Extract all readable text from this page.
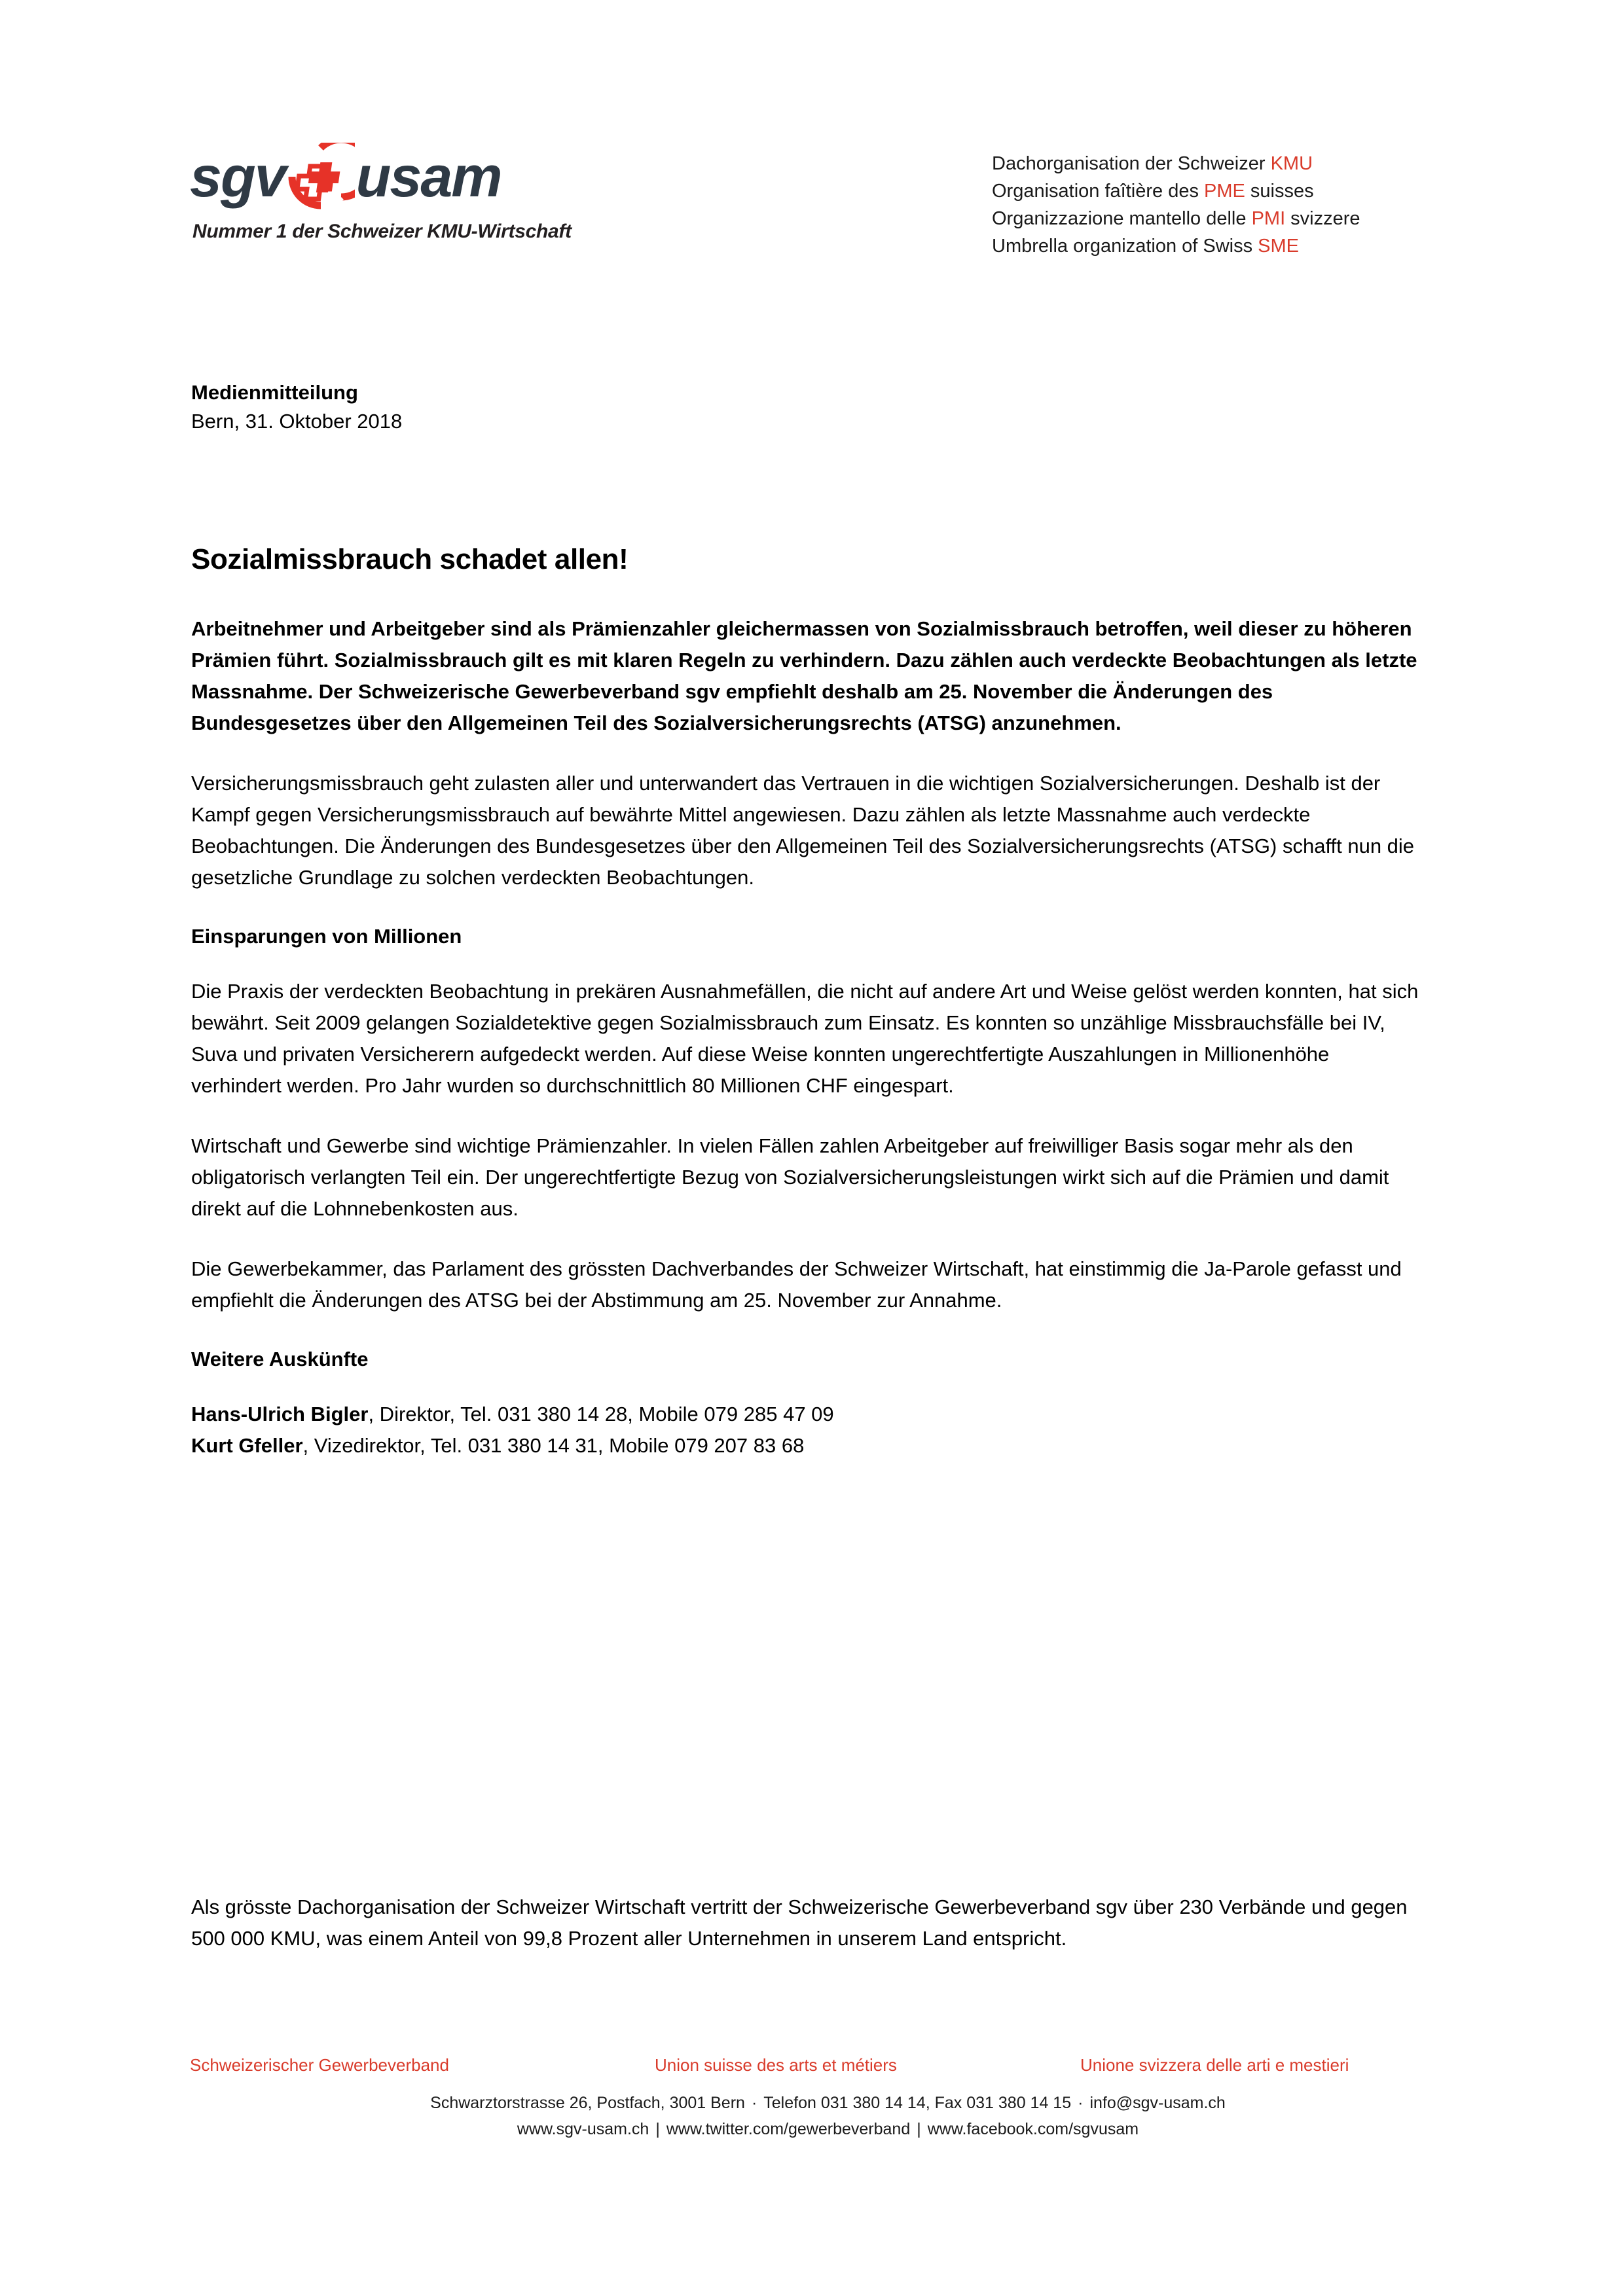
sgv usam
Nummer 1 der Schweizer KMU-Wirtschaft
Dachorganisation der Schweizer KMU
Organisation faîtière des PME suisses
Organizzazione mantello delle PMI svizzere
Umbrella organization of Swiss SME
Medienmitteilung
Bern, 31. Oktober 2018
Sozialmissbrauch schadet allen!

Arbeitnehmer und Arbeitgeber sind als Prämienzahler gleichermassen von Sozialmissbrauch betroffen, weil dieser zu höheren Prämien führt. Sozialmissbrauch gilt es mit klaren Regeln zu verhindern. Dazu zählen auch verdeckte Beobachtungen als letzte Massnahme. Der Schweizerische Gewerbeverband sgv empfiehlt deshalb am 25. November die Änderungen des Bundesgesetzes über den Allgemeinen Teil des Sozialversicherungsrechts (ATSG) anzunehmen.

Versicherungsmissbrauch geht zulasten aller und unterwandert das Vertrauen in die wichtigen Sozialversicherungen. Deshalb ist der Kampf gegen Versicherungsmissbrauch auf bewährte Mittel angewiesen. Dazu zählen als letzte Massnahme auch verdeckte Beobachtungen. Die Änderungen des Bundesgesetzes über den Allgemeinen Teil des Sozialversicherungsrechts (ATSG) schafft nun die gesetzliche Grundlage zu solchen verdeckten Beobachtungen.

Einsparungen von Millionen

Die Praxis der verdeckten Beobachtung in prekären Ausnahmefällen, die nicht auf andere Art und Weise gelöst werden konnten, hat sich bewährt. Seit 2009 gelangen Sozialdetektive gegen Sozialmissbrauch zum Einsatz. Es konnten so unzählige Missbrauchsfälle bei IV, Suva und privaten Versicherern aufgedeckt werden. Auf diese Weise konnten ungerechtfertigte Auszahlungen in Millionenhöhe verhindert werden. Pro Jahr wurden so durchschnittlich 80 Millionen CHF eingespart.

Wirtschaft und Gewerbe sind wichtige Prämienzahler. In vielen Fällen zahlen Arbeitgeber auf freiwilliger Basis sogar mehr als den obligatorisch verlangten Teil ein. Der ungerechtfertigte Bezug von Sozialversicherungsleistungen wirkt sich auf die Prämien und damit direkt auf die Lohnnebenkosten aus.

Die Gewerbekammer, das Parlament des grössten Dachverbandes der Schweizer Wirtschaft, hat einstimmig die Ja-Parole gefasst und empfiehlt die Änderungen des ATSG bei der Abstimmung am 25. November zur Annahme.

Weitere Auskünfte
Hans-Ulrich Bigler, Direktor, Tel. 031 380 14 28, Mobile 079 285 47 09
Kurt Gfeller, Vizedirektor, Tel. 031 380 14 31, Mobile 079 207 83 68
Als grösste Dachorganisation der Schweizer Wirtschaft vertritt der Schweizerische Gewerbeverband sgv über 230 Verbände und gegen 500 000 KMU, was einem Anteil von 99,8 Prozent aller Unternehmen in unserem Land entspricht.
Schweizerischer Gewerbeverband	Union suisse des arts et métiers	Unione svizzera delle arti e mestieri
Schwarztorstrasse 26, Postfach, 3001 Bern · Telefon 031 380 14 14, Fax 031 380 14 15 · info@sgv-usam.ch
www.sgv-usam.ch | www.twitter.com/gewerbeverband | www.facebook.com/sgvusam
